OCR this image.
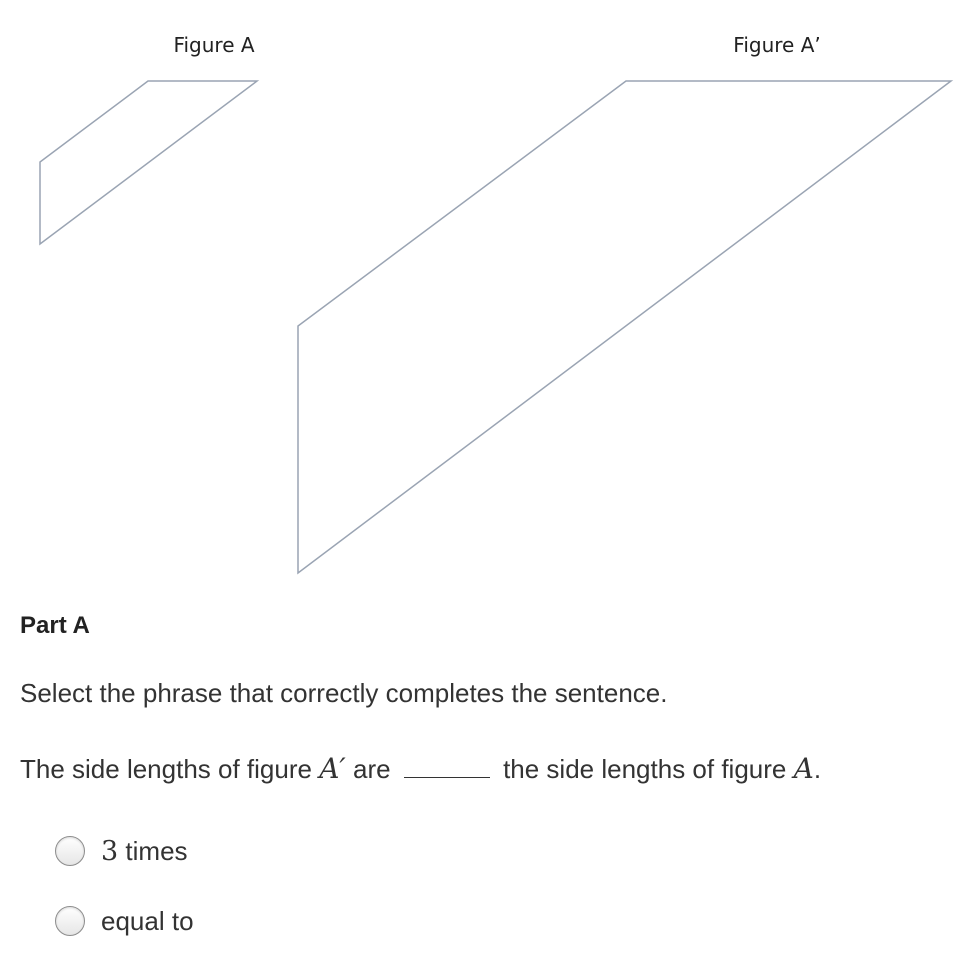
Figure A	Figure A’
Part A

Select the phrase that correctly completes the sentence.

The side lengths of figure A′ are	the side lengths of figure A.

3 times
equal to
